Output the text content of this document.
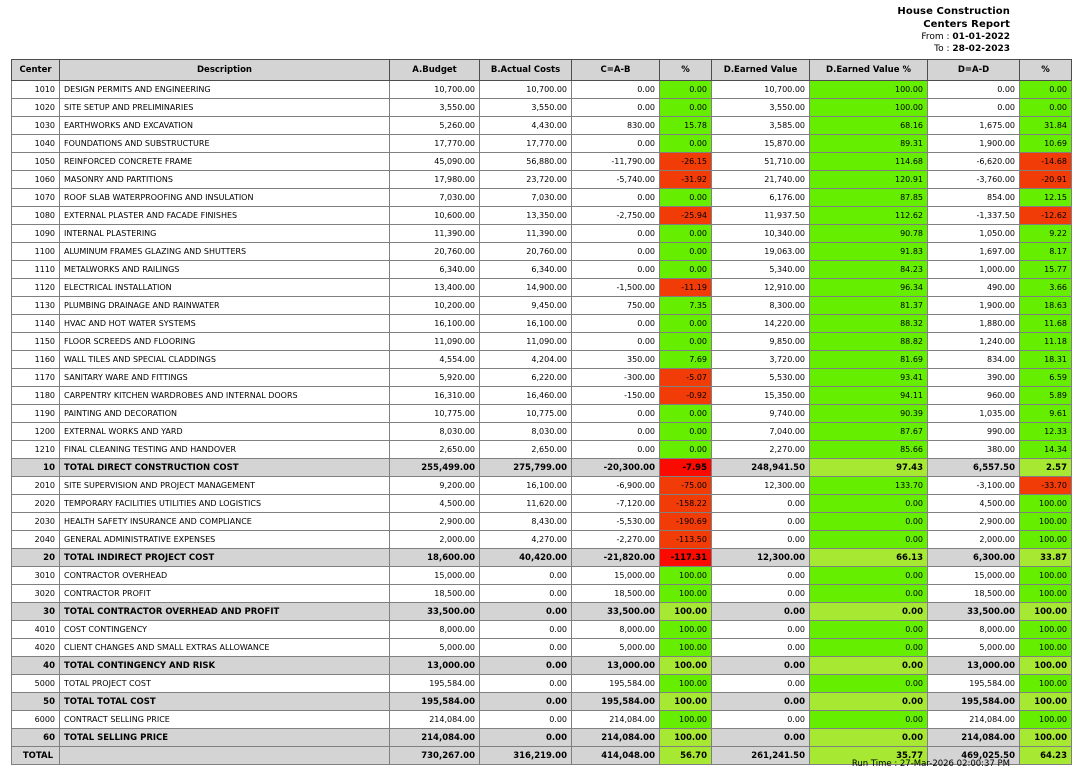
House Construction
Centers Report
From : 01-01-2022
To : 28-02-2023
Center	Description	A.Budget	B.Actual Costs	C=A-B	%	D.Earned Value	D.Earned Value %	D=A-D	%
1010	DESIGN PERMITS AND ENGINEERING	10,700.00	10,700.00	0.00	0.00	10,700.00	100.00	0.00	0.00
1020	SITE SETUP AND PRELIMINARIES	3,550.00	3,550.00	0.00	0.00	3,550.00	100.00	0.00	0.00
1030	EARTHWORKS AND EXCAVATION	5,260.00	4,430.00	830.00	15.78	3,585.00	68.16	1,675.00	31.84
1040	FOUNDATIONS AND SUBSTRUCTURE	17,770.00	17,770.00	0.00	0.00	15,870.00	89.31	1,900.00	10.69
1050	REINFORCED CONCRETE FRAME	45,090.00	56,880.00	-11,790.00	-26.15	51,710.00	114.68	-6,620.00	-14.68
1060	MASONRY AND PARTITIONS	17,980.00	23,720.00	-5,740.00	-31.92	21,740.00	120.91	-3,760.00	-20.91
1070	ROOF SLAB WATERPROOFING AND INSULATION	7,030.00	7,030.00	0.00	0.00	6,176.00	87.85	854.00	12.15
1080	EXTERNAL PLASTER AND FACADE FINISHES	10,600.00	13,350.00	-2,750.00	-25.94	11,937.50	112.62	-1,337.50	-12.62
1090	INTERNAL PLASTERING	11,390.00	11,390.00	0.00	0.00	10,340.00	90.78	1,050.00	9.22
1100	ALUMINUM FRAMES GLAZING AND SHUTTERS	20,760.00	20,760.00	0.00	0.00	19,063.00	91.83	1,697.00	8.17
1110	METALWORKS AND RAILINGS	6,340.00	6,340.00	0.00	0.00	5,340.00	84.23	1,000.00	15.77
1120	ELECTRICAL INSTALLATION	13,400.00	14,900.00	-1,500.00	-11.19	12,910.00	96.34	490.00	3.66
1130	PLUMBING DRAINAGE AND RAINWATER	10,200.00	9,450.00	750.00	7.35	8,300.00	81.37	1,900.00	18.63
1140	HVAC AND HOT WATER SYSTEMS	16,100.00	16,100.00	0.00	0.00	14,220.00	88.32	1,880.00	11.68
1150	FLOOR SCREEDS AND FLOORING	11,090.00	11,090.00	0.00	0.00	9,850.00	88.82	1,240.00	11.18
1160	WALL TILES AND SPECIAL CLADDINGS	4,554.00	4,204.00	350.00	7.69	3,720.00	81.69	834.00	18.31
1170	SANITARY WARE AND FITTINGS	5,920.00	6,220.00	-300.00	-5.07	5,530.00	93.41	390.00	6.59
1180	CARPENTRY KITCHEN WARDROBES AND INTERNAL DOORS	16,310.00	16,460.00	-150.00	-0.92	15,350.00	94.11	960.00	5.89
1190	PAINTING AND DECORATION	10,775.00	10,775.00	0.00	0.00	9,740.00	90.39	1,035.00	9.61
1200	EXTERNAL WORKS AND YARD	8,030.00	8,030.00	0.00	0.00	7,040.00	87.67	990.00	12.33
1210	FINAL CLEANING TESTING AND HANDOVER	2,650.00	2,650.00	0.00	0.00	2,270.00	85.66	380.00	14.34
10	TOTAL DIRECT CONSTRUCTION COST	255,499.00	275,799.00	-20,300.00	-7.95	248,941.50	97.43	6,557.50	2.57
2010	SITE SUPERVISION AND PROJECT MANAGEMENT	9,200.00	16,100.00	-6,900.00	-75.00	12,300.00	133.70	-3,100.00	-33.70
2020	TEMPORARY FACILITIES UTILITIES AND LOGISTICS	4,500.00	11,620.00	-7,120.00	-158.22	0.00	0.00	4,500.00	100.00
2030	HEALTH SAFETY INSURANCE AND COMPLIANCE	2,900.00	8,430.00	-5,530.00	-190.69	0.00	0.00	2,900.00	100.00
2040	GENERAL ADMINISTRATIVE EXPENSES	2,000.00	4,270.00	-2,270.00	-113.50	0.00	0.00	2,000.00	100.00
20	TOTAL INDIRECT PROJECT COST	18,600.00	40,420.00	-21,820.00	-117.31	12,300.00	66.13	6,300.00	33.87
3010	CONTRACTOR OVERHEAD	15,000.00	0.00	15,000.00	100.00	0.00	0.00	15,000.00	100.00
3020	CONTRACTOR PROFIT	18,500.00	0.00	18,500.00	100.00	0.00	0.00	18,500.00	100.00
30	TOTAL CONTRACTOR OVERHEAD AND PROFIT	33,500.00	0.00	33,500.00	100.00	0.00	0.00	33,500.00	100.00
4010	COST CONTINGENCY	8,000.00	0.00	8,000.00	100.00	0.00	0.00	8,000.00	100.00
4020	CLIENT CHANGES AND SMALL EXTRAS ALLOWANCE	5,000.00	0.00	5,000.00	100.00	0.00	0.00	5,000.00	100.00
40	TOTAL CONTINGENCY AND RISK	13,000.00	0.00	13,000.00	100.00	0.00	0.00	13,000.00	100.00
5000	TOTAL PROJECT COST	195,584.00	0.00	195,584.00	100.00	0.00	0.00	195,584.00	100.00
50	TOTAL TOTAL COST	195,584.00	0.00	195,584.00	100.00	0.00	0.00	195,584.00	100.00
6000	CONTRACT SELLING PRICE	214,084.00	0.00	214,084.00	100.00	0.00	0.00	214,084.00	100.00
60	TOTAL SELLING PRICE	214,084.00	0.00	214,084.00	100.00	0.00	0.00	214,084.00	100.00
TOTAL		730,267.00	316,219.00	414,048.00	56.70	261,241.50	35.77	469,025.50	64.23
Run Time : 27-Mar-2026 02:00:37 PM
